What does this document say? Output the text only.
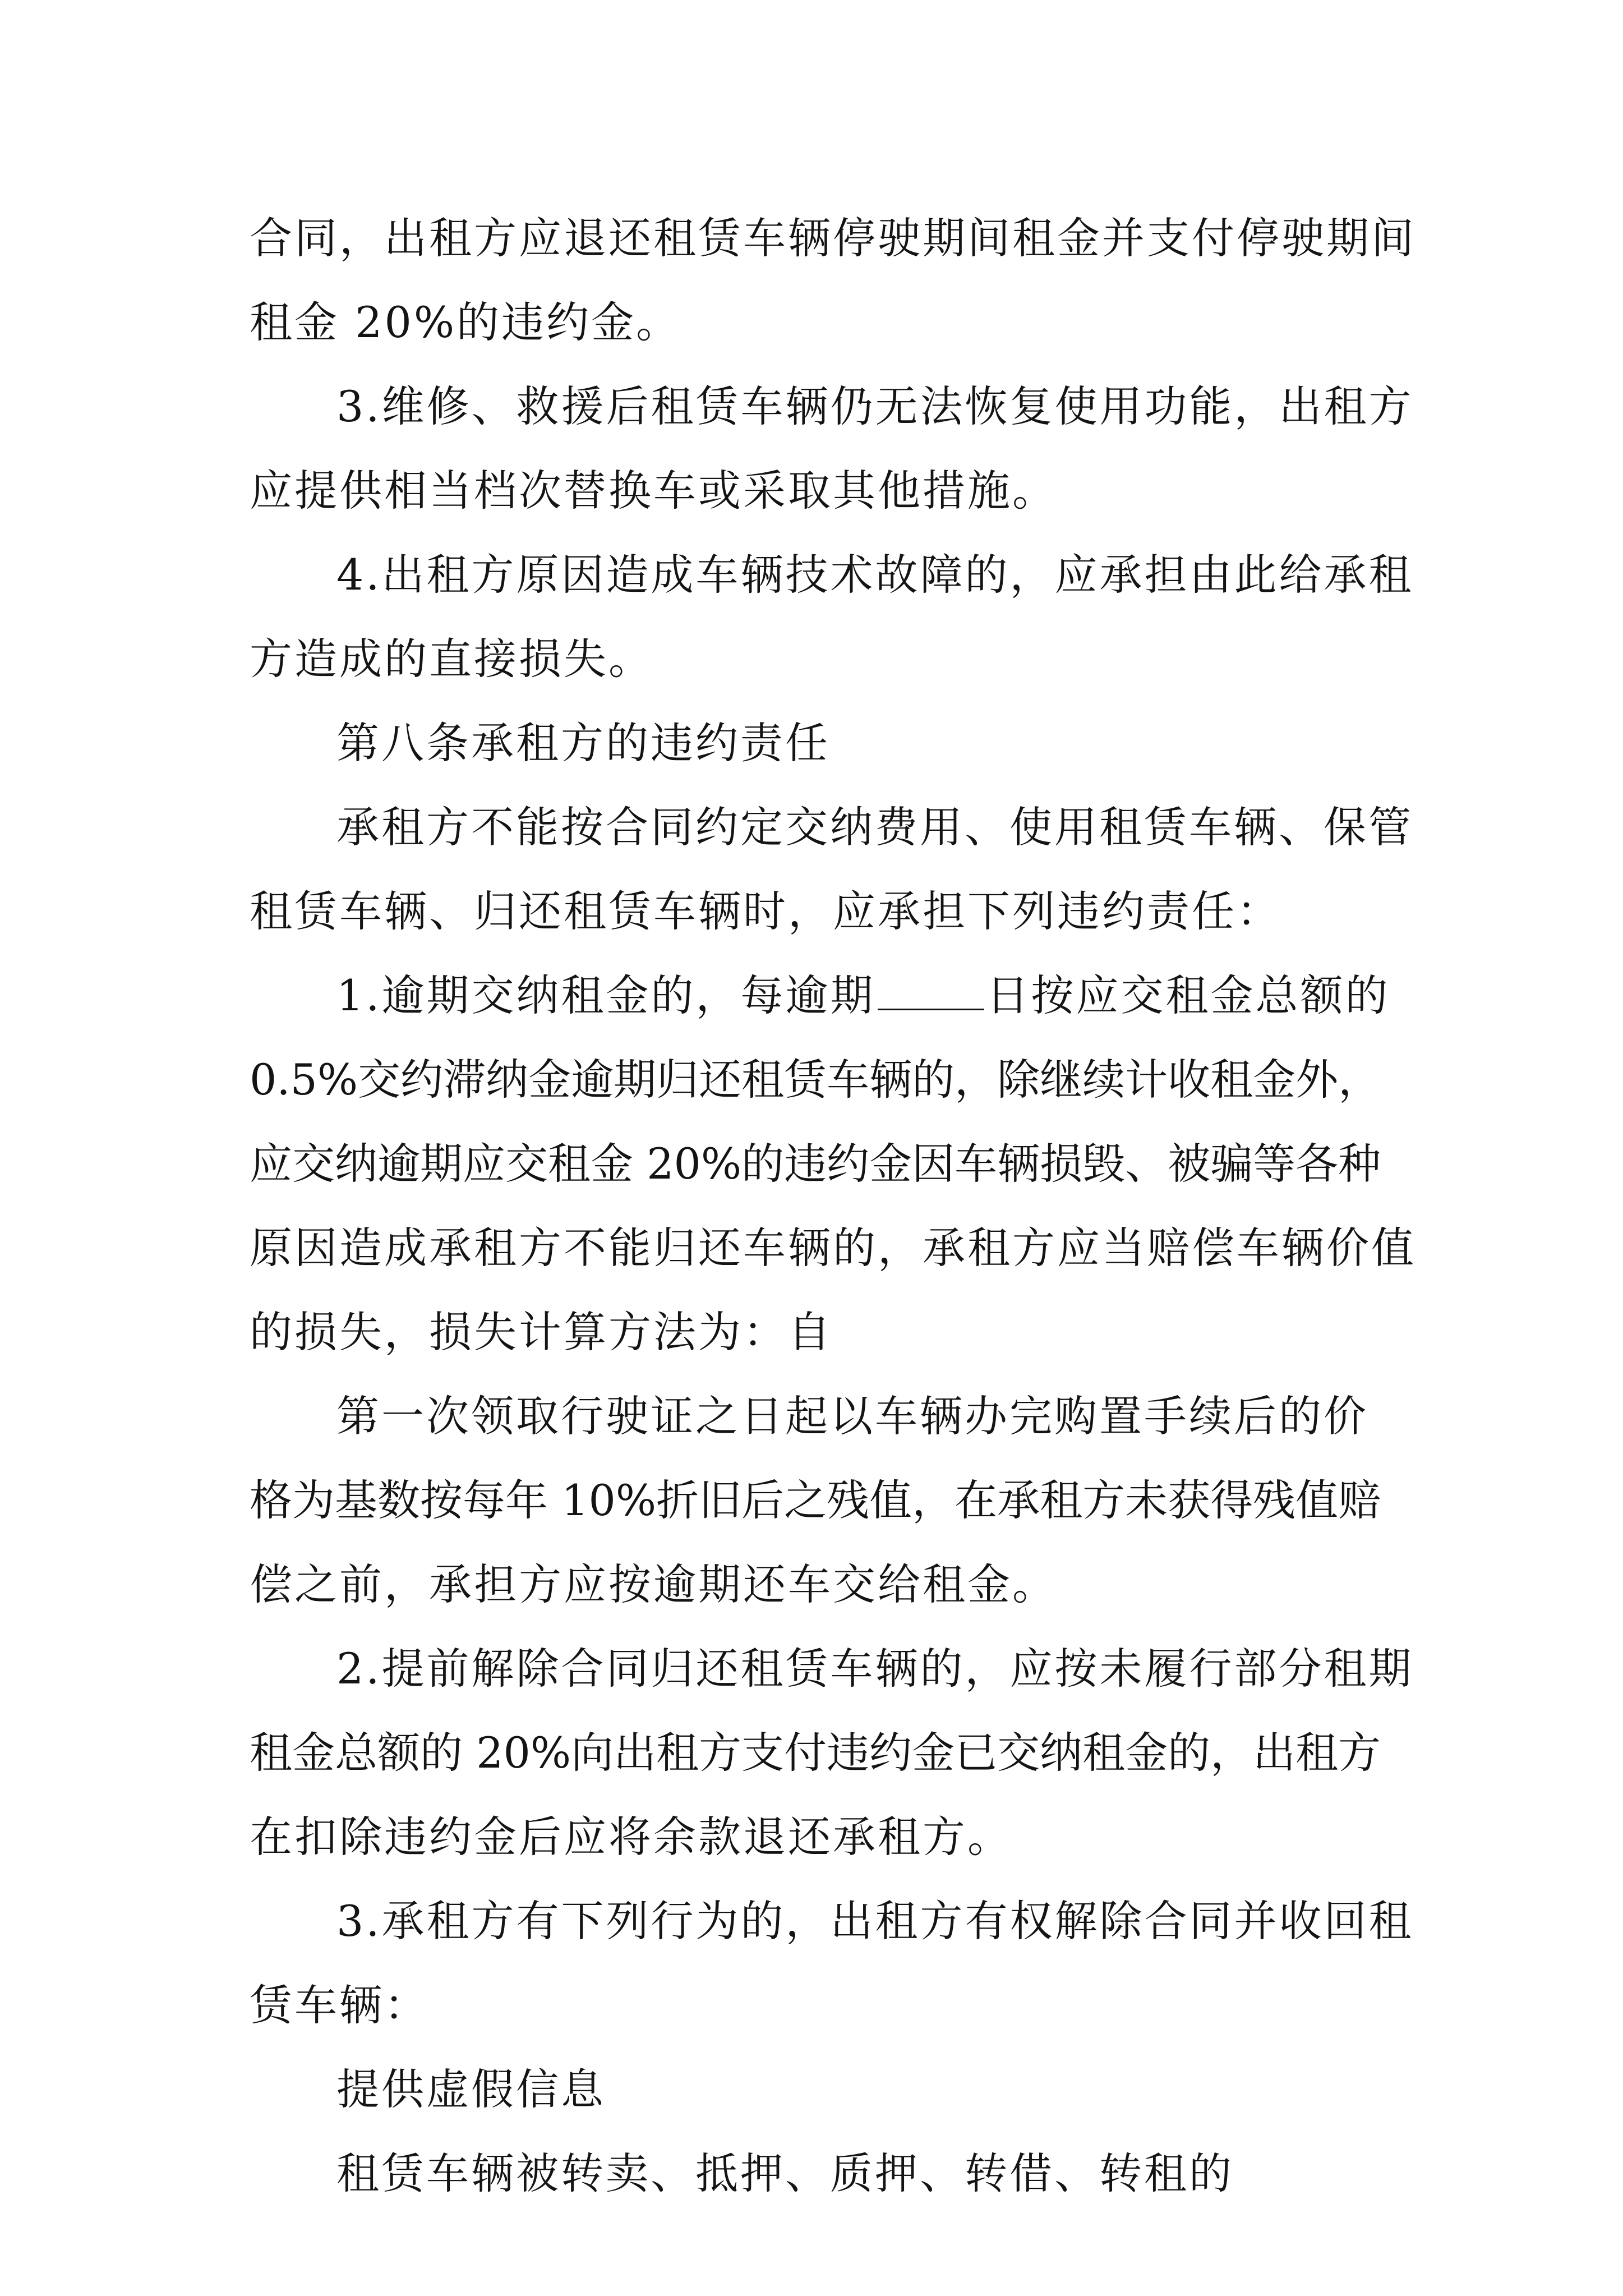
合同，出租方应退还租赁车辆停驶期间租金并支付停驶期间
租金 20%的违约金。
3.维修、救援后租赁车辆仍无法恢复使用功能，出租方
应提供相当档次替换车或采取其他措施。
4.出租方原因造成车辆技术故障的，应承担由此给承租
方造成的直接损失。
第八条承租方的违约责任
承租方不能按合同约定交纳费用、使用租赁车辆、保管
租赁车辆、归还租赁车辆时，应承担下列违约责任：
1.逾期交纳租金的，每逾期	日按应交租金总额的
0.5%交约滞纳金逾期归还租赁车辆的，除继续计收租金外，
应交纳逾期应交租金 20%的违约金因车辆损毁、被骗等各种
原因造成承租方不能归还车辆的，承租方应当赔偿车辆价值
的损失，损失计算方法为：自
第一次领取行驶证之日起以车辆办完购置手续后的价
格为基数按每年 10%折旧后之残值，在承租方未获得残值赔
偿之前，承担方应按逾期还车交给租金。
2.提前解除合同归还租赁车辆的，应按未履行部分租期
租金总额的 20%向出租方支付违约金已交纳租金的，出租方
在扣除违约金后应将余款退还承租方。
3.承租方有下列行为的，出租方有权解除合同并收回租
赁车辆：
提供虚假信息
租赁车辆被转卖、抵押、质押、转借、转租的
